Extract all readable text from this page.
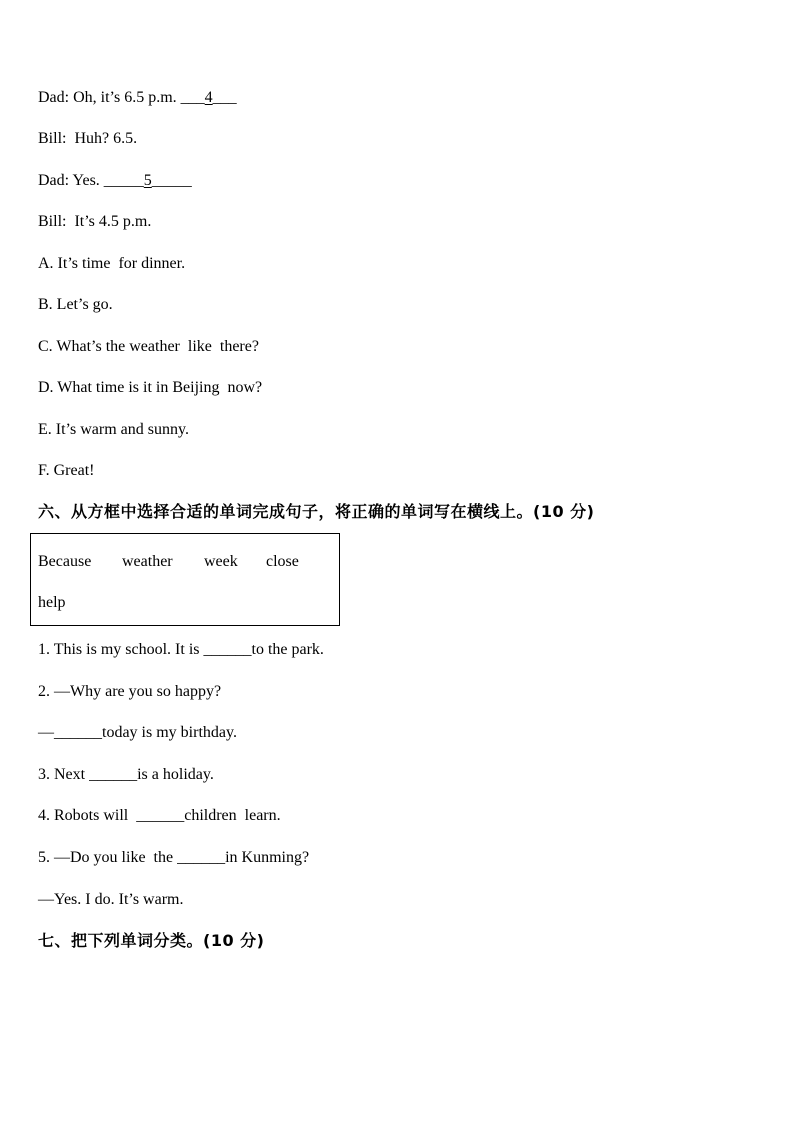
Dad: Oh, it’s 6.5 p.m. ___4___
Bill:  Huh? 6.5.
Dad: Yes. _____5_____
Bill:  It’s 4.5 p.m.
A. It’s time  for dinner.
B. Let’s go.
C. What’s the weather  like  there?
D. What time is it in Beijing  now?
E. It’s warm and sunny.
F. Great!
六、从方框中选择合适的单词完成句子，将正确的单词写在横线上。(10 分)
Because weather week close
help
1. This is my school. It is ______to the park.
2. —Why are you so happy?
—______today is my birthday.
3. Next ______is a holiday.
4. Robots will  ______children  learn.
5. —Do you like  the ______in Kunming?
—Yes. I do. It’s warm.
七、把下列单词分类。(10 分)
